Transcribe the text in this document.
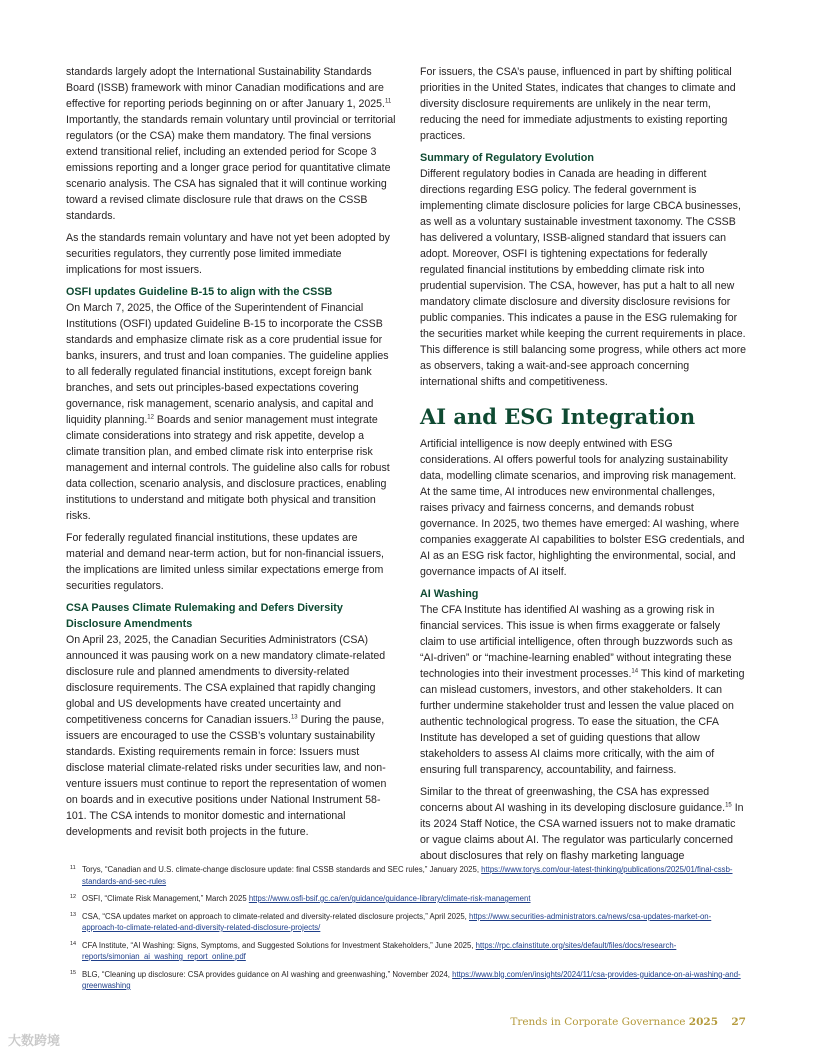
standards largely adopt the International Sustainability Standards Board (ISSB) framework with minor Canadian modifications and are effective for reporting periods beginning on or after January 1, 2025.11 Importantly, the standards remain voluntary until provincial or territorial regulators (or the CSA) make them mandatory. The final versions extend transitional relief, including an extended period for Scope 3 emissions reporting and a longer grace period for quantitative climate scenario analysis. The CSA has signaled that it will continue working toward a revised climate disclosure rule that draws on the CSSB standards.

As the standards remain voluntary and have not yet been adopted by securities regulators, they currently pose limited immediate implications for most issuers.

OSFI updates Guideline B-15 to align with the CSSB

On March 7, 2025, the Office of the Superintendent of Financial Institutions (OSFI) updated Guideline B-15 to incorporate the CSSB standards and emphasize climate risk as a core prudential issue for banks, insurers, and trust and loan companies. The guideline applies to all federally regulated financial institutions, except foreign bank branches, and sets out principles-based expectations covering governance, risk management, scenario analysis, and capital and liquidity planning.$^{12}$ Boards and senior management must integrate climate considerations into strategy and risk appetite, develop a climate transition plan, and embed climate risk into enterprise risk management and internal controls. The guideline also calls for robust data collection, scenario analysis, and disclosure practices, enabling institutions to understand and mitigate both physical and transition risks.

For federally regulated financial institutions, these updates are material and demand near-term action, but for non-financial issuers, the implications are limited unless similar expectations emerge from securities regulators.

CSA Pauses Climate Rulemaking and Defers Diversity Disclosure Amendments

On April 23, 2025, the Canadian Securities Administrators (CSA) announced it was pausing work on a new mandatory climate-related disclosure rule and planned amendments to diversity-related disclosure requirements. The CSA explained that rapidly changing global and US developments have created uncertainty and competitiveness concerns for Canadian issuers.$^{13}$ During the pause, issuers are encouraged to use the CSSB’s voluntary sustainability standards. Existing requirements remain in force: Issuers must disclose material climate-related risks under securities law, and non-venture issuers must continue to report the representation of women on boards and in executive positions under National Instrument 58-101. The CSA intends to monitor domestic and international developments and revisit both projects in the future.

For issuers, the CSA’s pause, influenced in part by shifting political priorities in the United States, indicates that changes to climate and diversity disclosure requirements are unlikely in the near term, reducing the need for immediate adjustments to existing reporting practices.

Summary of Regulatory Evolution

Different regulatory bodies in Canada are heading in different directions regarding ESG policy. The federal government is implementing climate disclosure policies for large CBCA businesses, as well as a voluntary sustainable investment taxonomy. The CSSB has delivered a voluntary, ISSB-aligned standard that issuers can adopt. Moreover, OSFI is tightening expectations for federally regulated financial institutions by embedding climate risk into prudential supervision. The CSA, however, has put a halt to all new mandatory climate disclosure and diversity disclosure revisions for public companies. This indicates a pause in the ESG rulemaking for the securities market while keeping the current requirements in place. This difference is still balancing some progress, while others act more as observers, taking a wait-and-see approach concerning international shifts and competitiveness.

AI and ESG Integration

Artificial intelligence is now deeply entwined with ESG considerations. AI offers powerful tools for analyzing sustainability data, modelling climate scenarios, and improving risk management. At the same time, AI introduces new environmental challenges, raises privacy and fairness concerns, and demands robust governance. In 2025, two themes have emerged: AI washing, where companies exaggerate AI capabilities to bolster ESG credentials, and AI as an ESG risk factor, highlighting the environmental, social, and governance impacts of AI itself.

AI Washing

The CFA Institute has identified AI washing as a growing risk in financial services. This issue is when firms exaggerate or falsely claim to use artificial intelligence, often through buzzwords such as “AI-driven” or “machine-learning enabled” without integrating these technologies into their investment processes.$^{14}$ This kind of marketing can mislead customers, investors, and other stakeholders. It can further undermine stakeholder trust and lessen the value placed on authentic technological progress. To ease the situation, the CFA Institute has developed a set of guiding questions that allow stakeholders to assess AI claims more critically, with the aim of ensuring full transparency, accountability, and fairness.

Similar to the threat of greenwashing, the CSA has expressed concerns about AI washing in its developing disclosure guidance.$^{15}$ In its 2024 Staff Notice, the CSA warned issuers not to make dramatic or vague claims about AI. The regulator was particularly concerned about disclosures that rely on flashy marketing language

11 Torys, “Canadian and U.S. climate-change disclosure update: final CSSB standards and SEC rules,” January 2025, https://www.torys.com/our-latest-thinking/publications/2025/01/final-cssb-standards-and-sec-rules
12 OSFI, “Climate Risk Management,” March 2025 https://www.osfi-bsif.gc.ca/en/guidance/guidance-library/climate-risk-management
13 CSA, “CSA updates market on approach to climate-related and diversity-related disclosure projects,” April 2025, https://www.securities-administrators.ca/news/csa-updates-market-on-approach-to-climate-related-and-diversity-related-disclosure-projects/
14 CFA Institute, “AI Washing: Signs, Symptoms, and Suggested Solutions for Investment Stakeholders,” June 2025, https://rpc.cfainstitute.org/sites/default/files/docs/research-reports/simonian_ai_washing_report_online.pdf
15 BLG, “Cleaning up disclosure: CSA provides guidance on AI washing and greenwashing,” November 2024, https://www.blg.com/en/insights/2024/11/csa-provides-guidance-on-ai-washing-and-greenwashing
Trends in Corporate Governance 2025 27
大数跨境
